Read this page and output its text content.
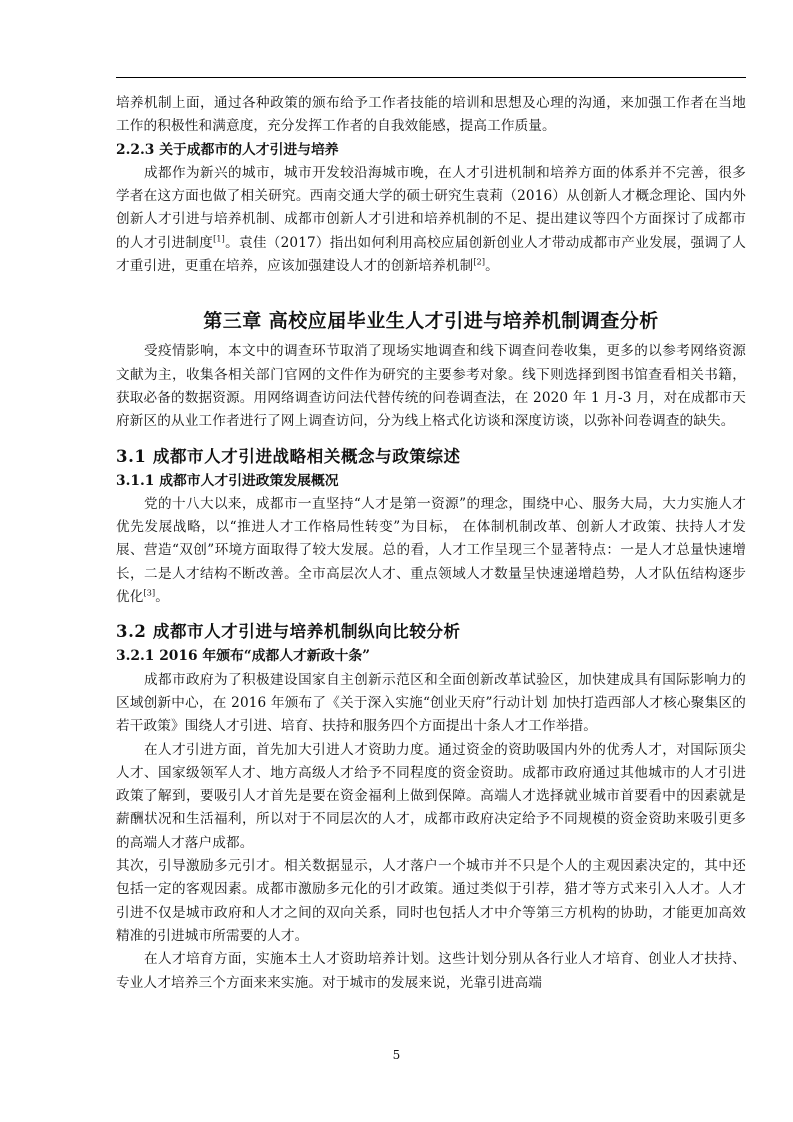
培养机制上面，通过各种政策的颁布给予工作者技能的培训和思想及心理的沟通，来加强工作者在当地工作的积极性和满意度，充分发挥工作者的自我效能感，提高工作质量。

2.2.3 关于成都市的人才引进与培养

成都作为新兴的城市，城市开发较沿海城市晚，在人才引进机制和培养方面的体系并不完善，很多学者在这方面也做了相关研究。西南交通大学的硕士研究生袁莉（2016）从创新人才概念理论、国内外创新人才引进与培养机制、成都市创新人才引进和培养机制的不足、提出建议等四个方面探讨了成都市的人才引进制度[1]。袁佳（2017）指出如何利用高校应届创新创业人才带动成都市产业发展，强调了人才重引进，更重在培养，应该加强建设人才的创新培养机制[2]。

第三章 高校应届毕业生人才引进与培养机制调查分析

受疫情影响，本文中的调查环节取消了现场实地调查和线下调查问卷收集，更多的以参考网络资源文献为主，收集各相关部门官网的文件作为研究的主要参考对象。线下则选择到图书馆查看相关书籍，获取必备的数据资源。用网络调查访问法代替传统的问卷调查法，在 2020 年 1 月-3 月，对在成都市天府新区的从业工作者进行了网上调查访问，分为线上格式化访谈和深度访谈，以弥补问卷调查的缺失。

3.1 成都市人才引进战略相关概念与政策综述

3.1.1 成都市人才引进政策发展概况

党的十八大以来，成都市一直坚持“人才是第一资源”的理念，围绕中心、服务大局，大力实施人才优先发展战略，以“推进人才工作格局性转变”为目标， 在体制机制改革、创新人才政策、扶持人才发展、营造“双创”环境方面取得了较大发展。总的看，人才工作呈现三个显著特点：一是人才总量快速增长，二是人才结构不断改善。全市高层次人才、重点领域人才数量呈快速递增趋势，人才队伍结构逐步优化[3]。

3.2 成都市人才引进与培养机制纵向比较分析

3.2.1 2016 年颁布“成都人才新政十条”

成都市政府为了积极建设国家自主创新示范区和全面创新改革试验区，加快建成具有国际影响力的区域创新中心，在 2016 年颁布了《关于深入实施“创业天府”行动计划 加快打造西部人才核心聚集区的若干政策》围绕人才引进、培育、扶持和服务四个方面提出十条人才工作举措。

在人才引进方面，首先加大引进人才资助力度。通过资金的资助吸国内外的优秀人才，对国际顶尖人才、国家级领军人才、地方高级人才给予不同程度的资金资助。成都市政府通过其他城市的人才引进政策了解到，要吸引人才首先是要在资金福利上做到保障。高端人才选择就业城市首要看中的因素就是薪酬状况和生活福利，所以对于不同层次的人才，成都市政府决定给予不同规模的资金资助来吸引更多的高端人才落户成都。

其次，引导激励多元引才。相关数据显示，人才落户一个城市并不只是个人的主观因素决定的，其中还包括一定的客观因素。成都市激励多元化的引才政策。通过类似于引荐，猎才等方式来引入人才。人才引进不仅是城市政府和人才之间的双向关系，同时也包括人才中介等第三方机构的协助，才能更加高效精准的引进城市所需要的人才。

在人才培育方面，实施本土人才资助培养计划。这些计划分别从各行业人才培育、创业人才扶持、专业人才培养三个方面来来实施。对于城市的发展来说，光靠引进高端

5
